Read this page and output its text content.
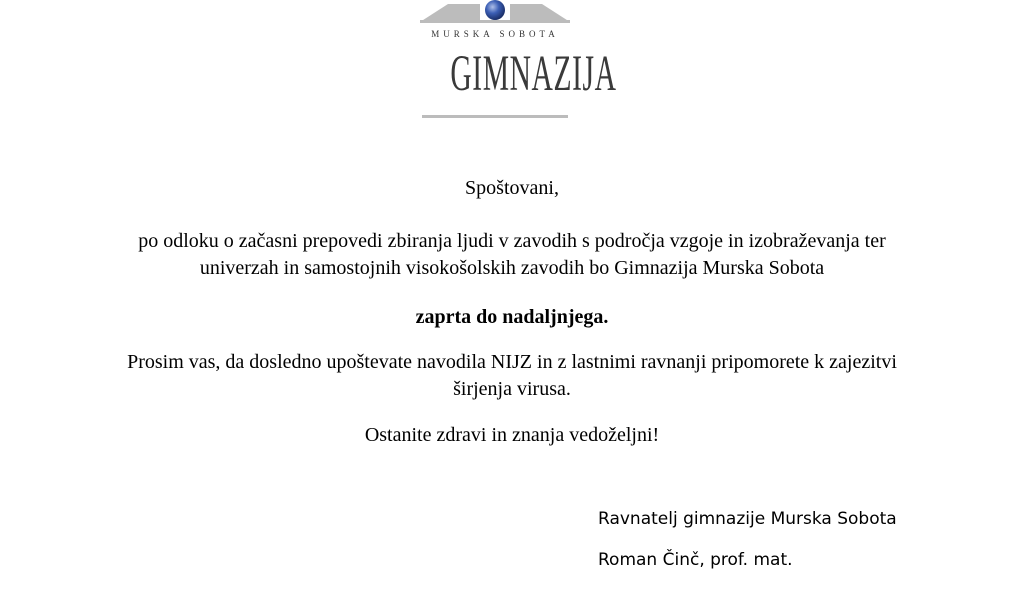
MURSKA SOBOTA
GIMNAZIJA
Spoštovani,
po odloku o začasni prepovedi zbiranja ljudi v zavodih s področja vzgoje in izobraževanja ter
univerzah in samostojnih visokošolskih zavodih bo Gimnazija Murska Sobota
zaprta do nadaljnjega.
Prosim vas, da dosledno upoštevate navodila NIJZ in z lastnimi ravnanji pripomorete k zajezitvi
širjenja virusa.
Ostanite zdravi in znanja vedoželjni!
Ravnatelj gimnazije Murska Sobota
Roman Činč, prof. mat.
